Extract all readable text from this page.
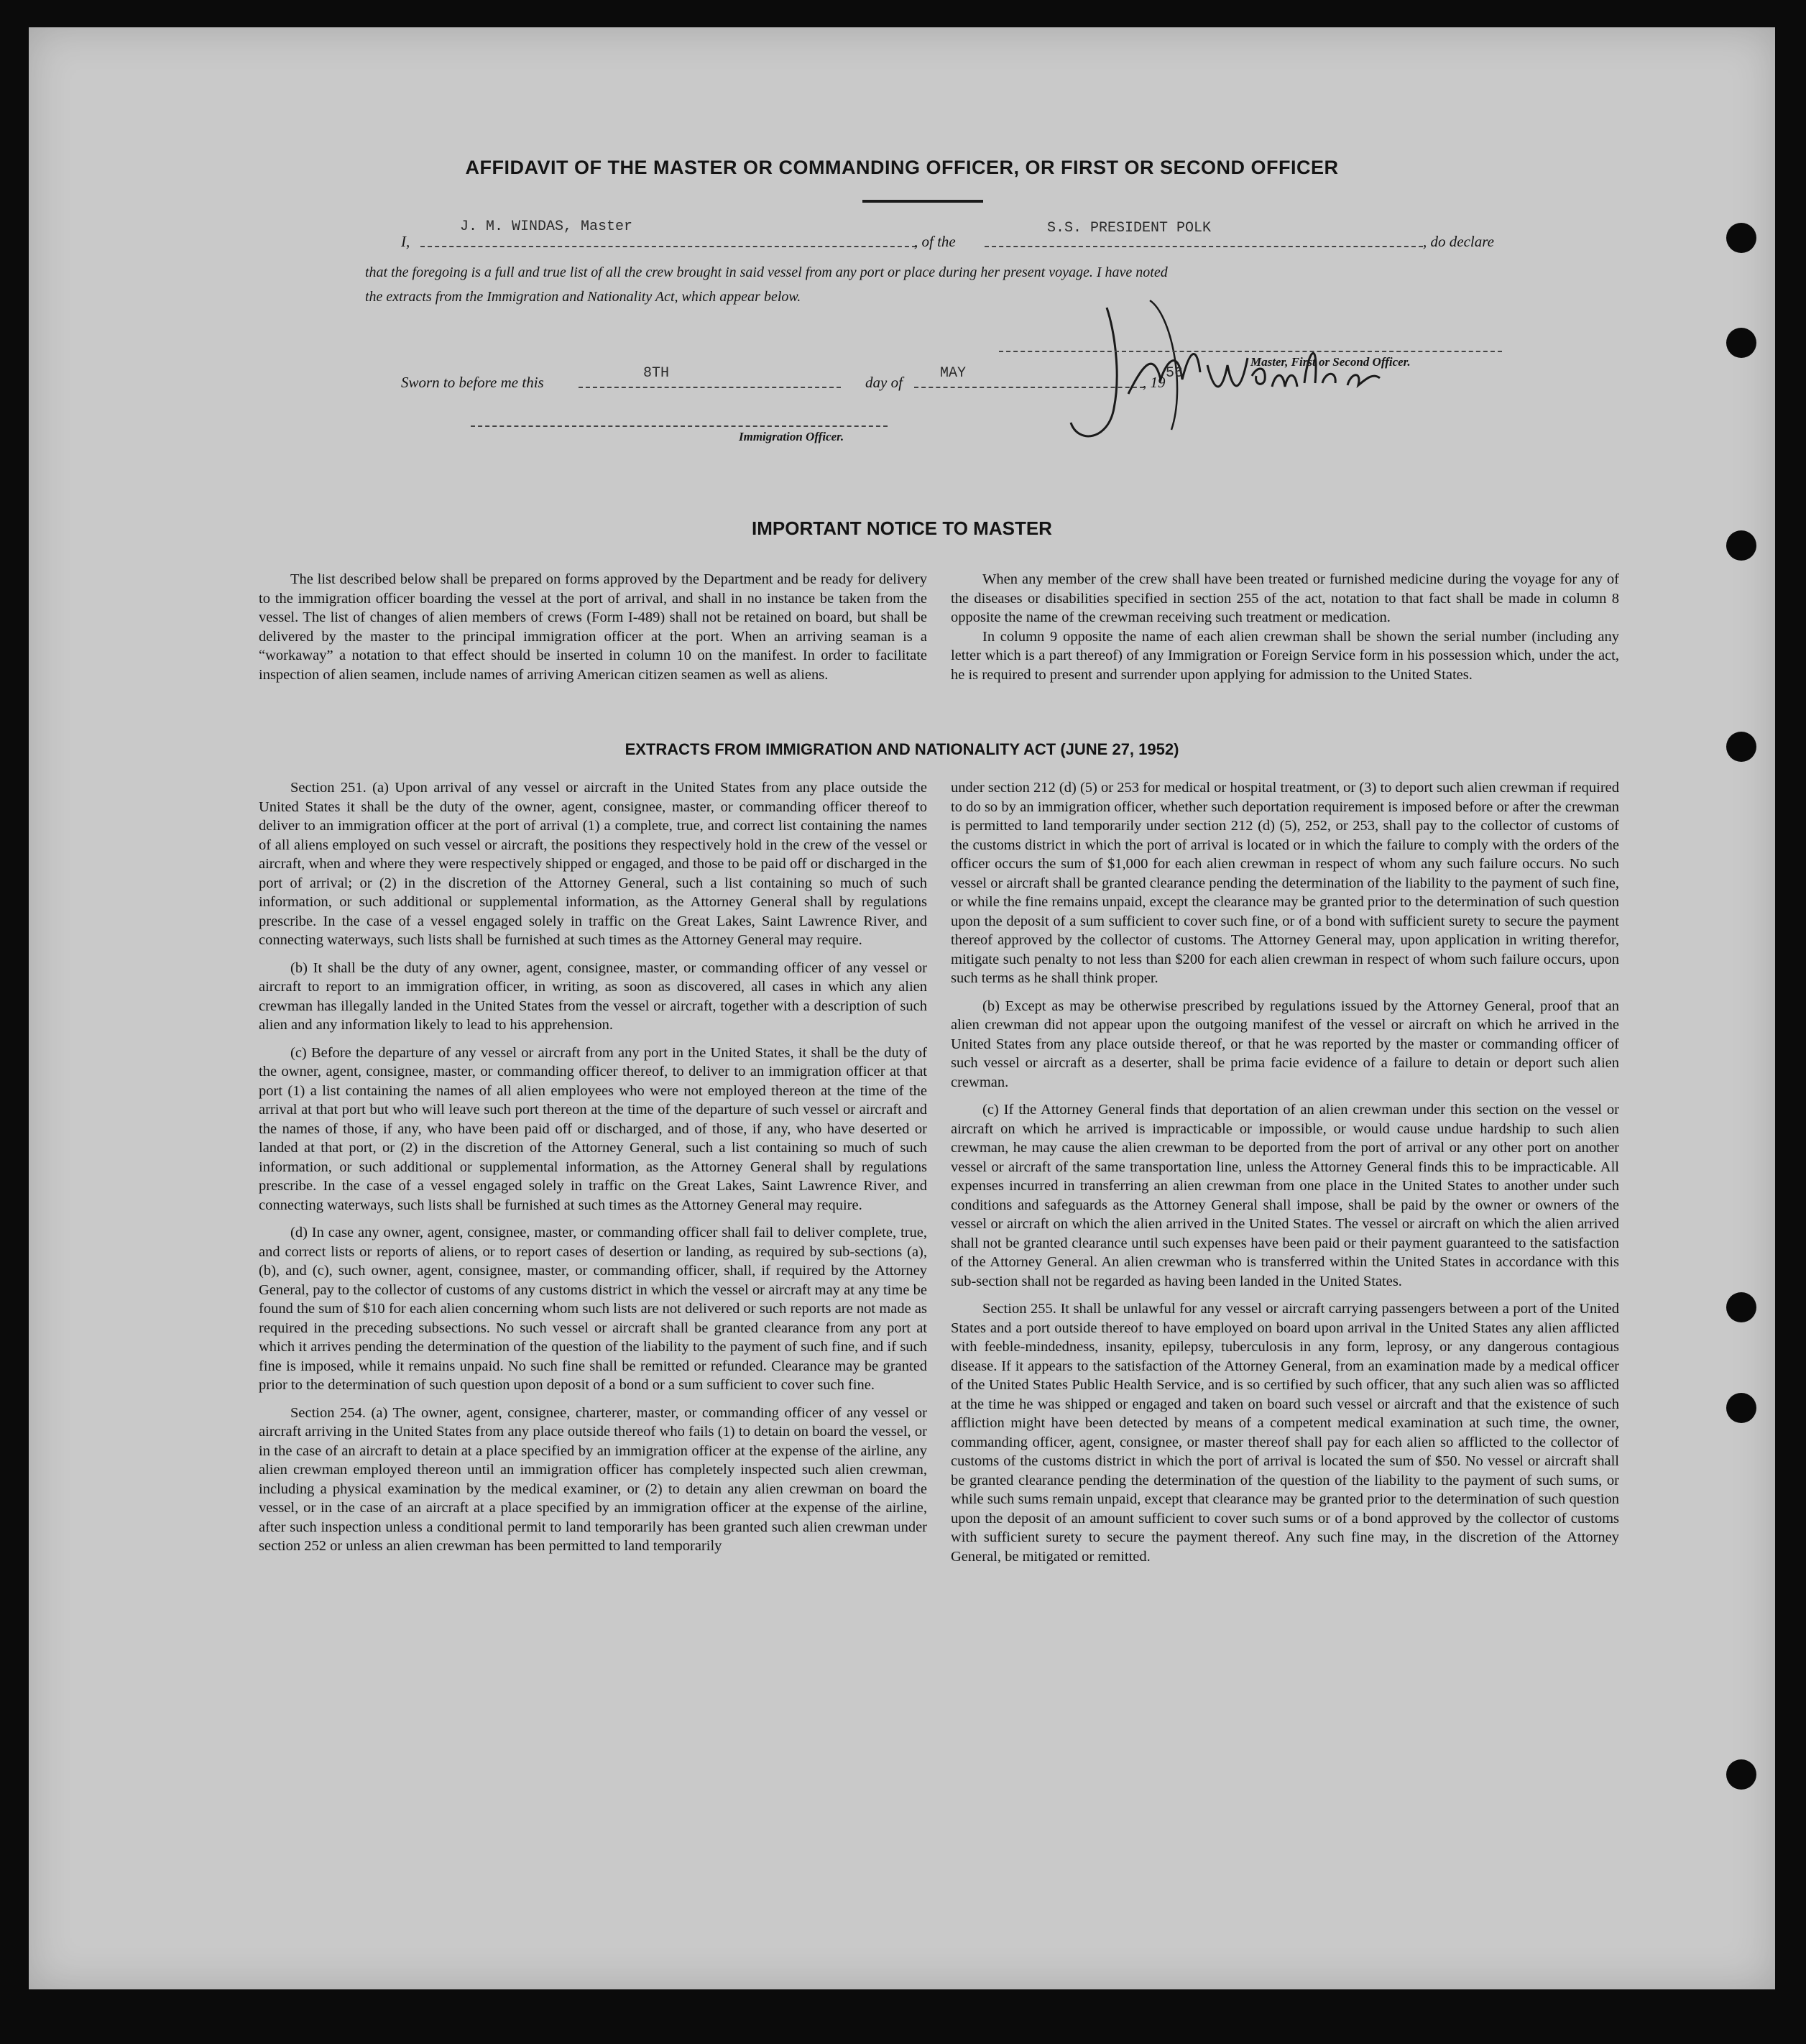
AFFIDAVIT OF THE MASTER OR COMMANDING OFFICER, OR FIRST OR SECOND OFFICER
I,
J. M. WINDAS, Master
, of the
S.S. PRESIDENT POLK
, do declare
that the foregoing is a full and true list of all the crew brought in said vessel from any port or place during her present voyage. I have noted
the extracts from the Immigration and Nationality Act, which appear below.
Master, First or Second Officer.
Sworn to before me this
8TH
day of
MAY
, 19
56
Immigration Officer.
IMPORTANT NOTICE TO MASTER

The list described below shall be prepared on forms approved by the Department and be ready for delivery to the immigration officer boarding the vessel at the port of arrival, and shall in no instance be taken from the vessel. The list of changes of alien members of crews (Form I-489) shall not be retained on board, but shall be delivered by the master to the principal immigration officer at the port. When an arriving seaman is a “workaway” a notation to that effect should be inserted in column 10 on the manifest. In order to facilitate inspection of alien seamen, include names of arriving American citizen seamen as well as aliens.

When any member of the crew shall have been treated or furnished medicine during the voyage for any of the diseases or disabilities specified in section 255 of the act, notation to that fact shall be made in column 8 opposite the name of the crewman receiving such treatment or medication.

In column 9 opposite the name of each alien crewman shall be shown the serial number (including any letter which is a part thereof) of any Immigration or Foreign Service form in his possession which, under the act, he is required to present and surrender upon applying for admission to the United States.

EXTRACTS FROM IMMIGRATION AND NATIONALITY ACT (JUNE 27, 1952)

Section 251. (a) Upon arrival of any vessel or aircraft in the United States from any place outside the United States it shall be the duty of the owner, agent, consignee, master, or commanding officer thereof to deliver to an immigration officer at the port of arrival (1) a complete, true, and correct list containing the names of all aliens employed on such vessel or aircraft, the positions they respectively hold in the crew of the vessel or aircraft, when and where they were respectively shipped or engaged, and those to be paid off or discharged in the port of arrival; or (2) in the discretion of the Attorney General, such a list containing so much of such information, or such additional or supplemental information, as the Attorney General shall by regulations prescribe. In the case of a vessel engaged solely in traffic on the Great Lakes, Saint Lawrence River, and connecting waterways, such lists shall be furnished at such times as the Attorney General may require.

(b) It shall be the duty of any owner, agent, consignee, master, or commanding officer of any vessel or aircraft to report to an immigration officer, in writing, as soon as discovered, all cases in which any alien crewman has illegally landed in the United States from the vessel or aircraft, together with a description of such alien and any information likely to lead to his apprehension.

(c) Before the departure of any vessel or aircraft from any port in the United States, it shall be the duty of the owner, agent, consignee, master, or commanding officer thereof, to deliver to an immigration officer at that port (1) a list containing the names of all alien employees who were not employed thereon at the time of the arrival at that port but who will leave such port thereon at the time of the departure of such vessel or aircraft and the names of those, if any, who have been paid off or discharged, and of those, if any, who have deserted or landed at that port, or (2) in the discretion of the Attorney General, such a list containing so much of such information, or such additional or supplemental information, as the Attorney General shall by regulations prescribe. In the case of a vessel engaged solely in traffic on the Great Lakes, Saint Lawrence River, and connecting waterways, such lists shall be furnished at such times as the Attorney General may require.

(d) In case any owner, agent, consignee, master, or commanding officer shall fail to deliver complete, true, and correct lists or reports of aliens, or to report cases of desertion or landing, as required by sub-sections (a), (b), and (c), such owner, agent, consignee, master, or commanding officer, shall, if required by the Attorney General, pay to the collector of customs of any customs district in which the vessel or aircraft may at any time be found the sum of $10 for each alien concerning whom such lists are not delivered or such reports are not made as required in the preceding subsections. No such vessel or aircraft shall be granted clearance from any port at which it arrives pending the determination of the question of the liability to the payment of such fine, and if such fine is imposed, while it remains unpaid. No such fine shall be remitted or refunded. Clearance may be granted prior to the determination of such question upon deposit of a bond or a sum sufficient to cover such fine.

Section 254. (a) The owner, agent, consignee, charterer, master, or commanding officer of any vessel or aircraft arriving in the United States from any place outside thereof who fails (1) to detain on board the vessel, or in the case of an aircraft to detain at a place specified by an immigration officer at the expense of the airline, any alien crewman employed thereon until an immigration officer has completely inspected such alien crewman, including a physical examination by the medical examiner, or (2) to detain any alien crewman on board the vessel, or in the case of an aircraft at a place specified by an immigration officer at the expense of the airline, after such inspection unless a conditional permit to land temporarily has been granted such alien crewman under section 252 or unless an alien crewman has been permitted to land temporarily

under section 212 (d) (5) or 253 for medical or hospital treatment, or (3) to deport such alien crewman if required to do so by an immigration officer, whether such deportation requirement is imposed before or after the crewman is permitted to land temporarily under section 212 (d) (5), 252, or 253, shall pay to the collector of customs of the customs district in which the port of arrival is located or in which the failure to comply with the orders of the officer occurs the sum of $1,000 for each alien crewman in respect of whom any such failure occurs. No such vessel or aircraft shall be granted clearance pending the determination of the liability to the payment of such fine, or while the fine remains unpaid, except the clearance may be granted prior to the determination of such question upon the deposit of a sum sufficient to cover such fine, or of a bond with sufficient surety to secure the payment thereof approved by the collector of customs. The Attorney General may, upon application in writing therefor, mitigate such penalty to not less than $200 for each alien crewman in respect of whom such failure occurs, upon such terms as he shall think proper.

(b) Except as may be otherwise prescribed by regulations issued by the Attorney General, proof that an alien crewman did not appear upon the outgoing manifest of the vessel or aircraft on which he arrived in the United States from any place outside thereof, or that he was reported by the master or commanding officer of such vessel or aircraft as a deserter, shall be prima facie evidence of a failure to detain or deport such alien crewman.

(c) If the Attorney General finds that deportation of an alien crewman under this section on the vessel or aircraft on which he arrived is impracticable or impossible, or would cause undue hardship to such alien crewman, he may cause the alien crewman to be deported from the port of arrival or any other port on another vessel or aircraft of the same transportation line, unless the Attorney General finds this to be impracticable. All expenses incurred in transferring an alien crewman from one place in the United States to another under such conditions and safeguards as the Attorney General shall impose, shall be paid by the owner or owners of the vessel or aircraft on which the alien arrived in the United States. The vessel or aircraft on which the alien arrived shall not be granted clearance until such expenses have been paid or their payment guaranteed to the satisfaction of the Attorney General. An alien crewman who is transferred within the United States in accordance with this sub-section shall not be regarded as having been landed in the United States.

Section 255. It shall be unlawful for any vessel or aircraft carrying passengers between a port of the United States and a port outside thereof to have employed on board upon arrival in the United States any alien afflicted with feeble-mindedness, insanity, epilepsy, tuberculosis in any form, leprosy, or any dangerous contagious disease. If it appears to the satisfaction of the Attorney General, from an examination made by a medical officer of the United States Public Health Service, and is so certified by such officer, that any such alien was so afflicted at the time he was shipped or engaged and taken on board such vessel or aircraft and that the existence of such affliction might have been detected by means of a competent medical examination at such time, the owner, commanding officer, agent, consignee, or master thereof shall pay for each alien so afflicted to the collector of customs of the customs district in which the port of arrival is located the sum of $50. No vessel or aircraft shall be granted clearance pending the determination of the question of the liability to the payment of such sums, or while such sums remain unpaid, except that clearance may be granted prior to the determination of such question upon the deposit of an amount sufficient to cover such sums or of a bond approved by the collector of customs with sufficient surety to secure the payment thereof. Any such fine may, in the discretion of the Attorney General, be mitigated or remitted.
